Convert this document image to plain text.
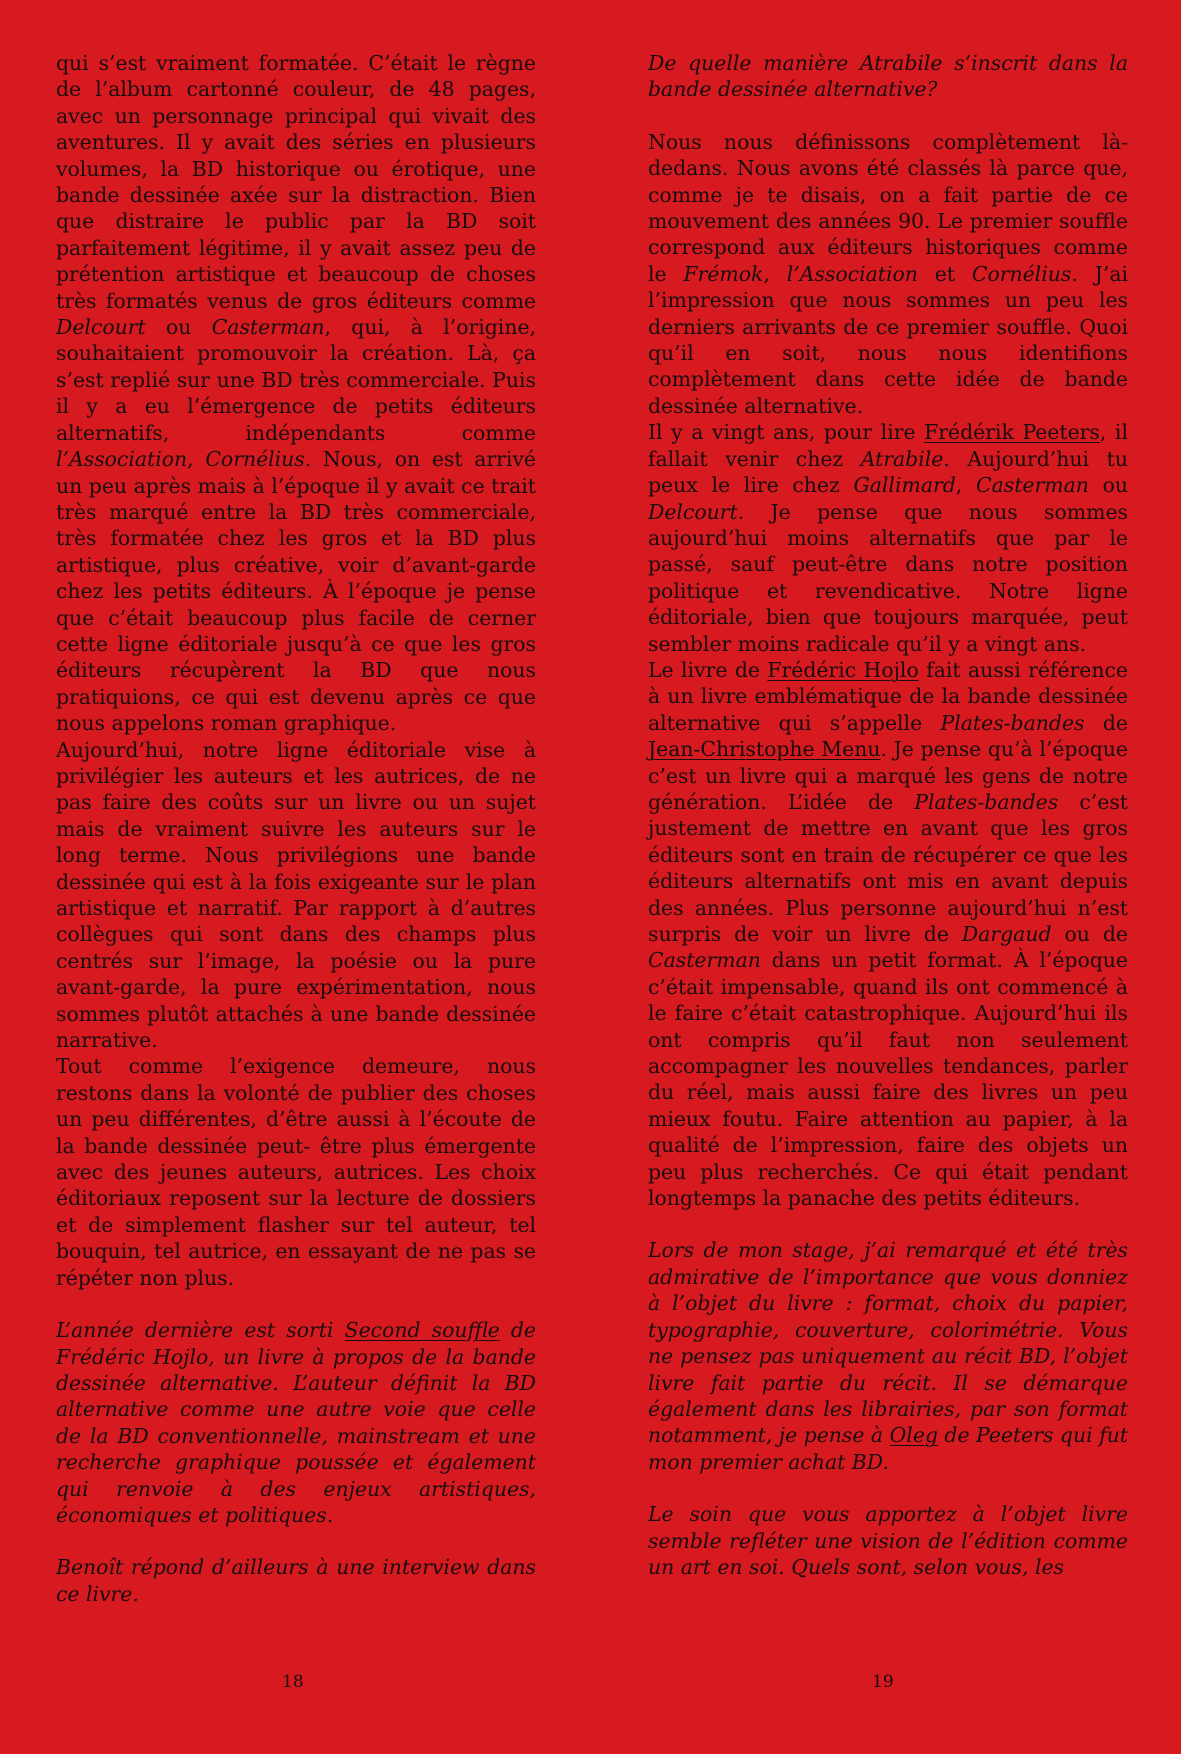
qui s’est vraiment formatée. C’était le règne de l’album cartonné couleur, de 48 pages, avec un personnage principal qui vivait des aventures. Il y avait des séries en plusieurs volumes, la BD historique ou érotique, une bande dessinée axée sur la distraction. Bien que distraire le public par la BD soit parfaitement légitime, il y avait assez peu de prétention artistique et beaucoup de choses très formatés venus de gros éditeurs comme Delcourt ou Casterman, qui, à l’origine, souhaitaient promouvoir la création. Là, ça s’est replié sur une BD très commerciale. Puis il y a eu l’émergence de petits éditeurs alternatifs, indépendants comme l’Association, Cornélius. Nous, on est arrivé un peu après mais à l’époque il y avait ce trait très marqué entre la BD très commerciale, très formatée chez les gros et la BD plus artistique, plus créative, voir d’avant-garde chez les petits éditeurs. À l’époque je pense que c’était beaucoup plus facile de cerner cette ligne éditoriale jusqu’à ce que les gros éditeurs récupèrent la BD que nous pratiquions, ce qui est devenu après ce que nous appelons roman graphique.

Aujourd’hui, notre ligne éditoriale vise à privilégier les auteurs et les autrices, de ne pas faire des coûts sur un livre ou un sujet mais de vraiment suivre les auteurs sur le long terme. Nous privilégions une bande dessinée qui est à la fois exigeante sur le plan artistique et narratif. Par rapport à d’autres collègues qui sont dans des champs plus centrés sur l’image, la poésie ou la pure avant-garde, la pure expérimentation, nous sommes plutôt attachés à une bande dessinée narrative.

Tout comme l’exigence demeure, nous restons dans la volonté de publier des choses un peu différentes, d’être aussi à l’écoute de la bande dessinée peut- être plus émergente avec des jeunes auteurs, autrices. Les choix éditoriaux reposent sur la lecture de dossiers et de simplement flasher sur tel auteur, tel bouquin, tel autrice, en essayant de ne pas se répéter non plus.

L’année dernière est sorti Second souffle de Frédéric Hojlo, un livre à propos de la bande dessinée alternative. L’auteur définit la BD alternative comme une autre voie que celle de la BD conventionnelle, mainstream et une recherche graphique poussée et également qui renvoie à des enjeux artistiques, économiques et politiques.

Benoît répond d’ailleurs à une interview dans ce livre.

18

De quelle manière Atrabile s’inscrit dans la bande dessinée alternative?

Nous nous définissons complètement là-dedans. Nous avons été classés là parce que, comme je te disais, on a fait partie de ce mouvement des années 90. Le premier souffle correspond aux éditeurs historiques comme le Frémok, l’Association et Cornélius. J’ai l’impression que nous sommes un peu les derniers arrivants de ce premier souffle. Quoi qu’il en soit, nous nous identifions complètement dans cette idée de bande dessinée alternative.

Il y a vingt ans, pour lire Frédérik Peeters, il fallait venir chez Atrabile. Aujourd’hui tu peux le lire chez Gallimard, Casterman ou Delcourt. Je pense que nous sommes aujourd’hui moins alternatifs que par le passé, sauf peut-être dans notre position politique et revendicative. Notre ligne éditoriale, bien que toujours marquée, peut sembler moins radicale qu’il y a vingt ans.

Le livre de Frédéric Hojlo fait aussi référence à un livre emblématique de la bande dessinée alternative qui s’appelle Plates-bandes de Jean-Christophe Menu. Je pense qu’à l’époque c’est un livre qui a marqué les gens de notre génération. L’idée de Plates-bandes c’est justement de mettre en avant que les gros éditeurs sont en train de récupérer ce que les éditeurs alternatifs ont mis en avant depuis des années. Plus personne aujourd’hui n’est surpris de voir un livre de Dargaud ou de Casterman dans un petit format. À l’époque c’était impensable, quand ils ont commencé à le faire c’était catastrophique. Aujourd’hui ils ont compris qu’il faut non seulement accompagner les nouvelles tendances, parler du réel, mais aussi faire des livres un peu mieux foutu. Faire attention au papier, à la qualité de l’impression, faire des objets un peu plus recherchés. Ce qui était pendant longtemps la panache des petits éditeurs.

Lors de mon stage, j’ai remarqué et été très admirative de l’importance que vous donniez à l’objet du livre : format, choix du papier, typographie, couverture, colorimétrie. Vous ne pensez pas uniquement au récit BD, l’objet livre fait partie du récit. Il se démarque également dans les librairies, par son format notamment, je pense à Oleg de Peeters qui fut mon premier achat BD.

Le soin que vous apportez à l’objet livre semble refléter une vision de l’édition comme un art en soi. Quels sont, selon vous, les

19
